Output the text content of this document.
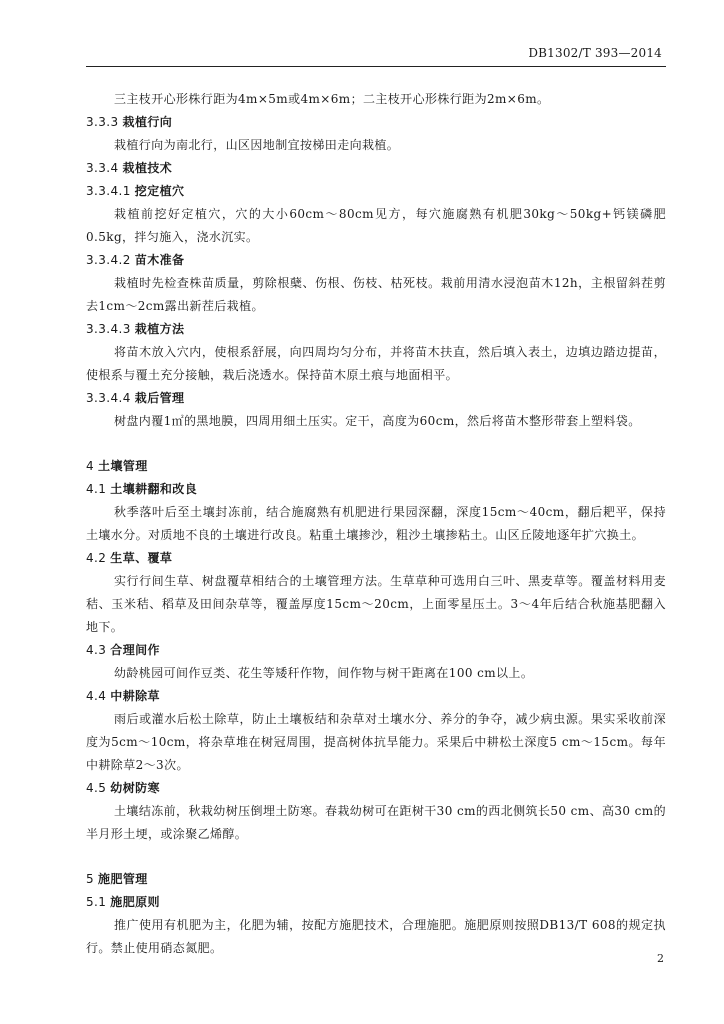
DB1302/T 393—2014
三主枝开心形株行距为4m×5m或4m×6m；二主枝开心形株行距为2m×6m。
3.3.3 栽植行向
栽植行向为南北行，山区因地制宜按梯田走向栽植。
3.3.4 栽植技术
3.3.4.1 挖定植穴
栽植前挖好定植穴，穴的大小60cm～80cm见方，每穴施腐熟有机肥30kg～50kg+钙镁磷肥0.5kg，拌匀施入，浇水沉实。
3.3.4.2 苗木准备
栽植时先检查株苗质量，剪除根蘖、伤根、伤枝、枯死枝。栽前用清水浸泡苗木12h，主根留斜茬剪去1cm～2cm露出新茬后栽植。
3.3.4.3 栽植方法
将苗木放入穴内，使根系舒展，向四周均匀分布，并将苗木扶直，然后填入表土，边填边踏边提苗，使根系与覆土充分接触，栽后浇透水。保持苗木原土痕与地面相平。
3.3.4.4 栽后管理
树盘内覆1㎡的黑地膜，四周用细土压实。定干，高度为60cm，然后将苗木整形带套上塑料袋。
4 土壤管理
4.1 土壤耕翻和改良
秋季落叶后至土壤封冻前，结合施腐熟有机肥进行果园深翻，深度15cm～40cm，翻后耙平，保持土壤水分。对质地不良的土壤进行改良。粘重土壤掺沙，粗沙土壤掺粘土。山区丘陵地逐年扩穴换土。
4.2 生草、覆草
实行行间生草、树盘覆草相结合的土壤管理方法。生草草种可选用白三叶、黑麦草等。覆盖材料用麦秸、玉米秸、稻草及田间杂草等，覆盖厚度15cm～20cm，上面零星压土。3～4年后结合秋施基肥翻入地下。
4.3 合理间作
幼龄桃园可间作豆类、花生等矮秆作物，间作物与树干距离在100 cm以上。
4.4 中耕除草
雨后或灌水后松土除草，防止土壤板结和杂草对土壤水分、养分的争夺，减少病虫源。果实采收前深度为5cm～10cm，将杂草堆在树冠周围，提高树体抗旱能力。采果后中耕松土深度5 cm～15cm。每年中耕除草2～3次。
4.5 幼树防寒
土壤结冻前，秋栽幼树压倒埋土防寒。春栽幼树可在距树干30 cm的西北侧筑长50 cm、高30 cm的半月形土埂，或涂聚乙烯醇。
5 施肥管理
5.1 施肥原则
推广使用有机肥为主，化肥为辅，按配方施肥技术，合理施肥。施肥原则按照DB13/T 608的规定执行。禁止使用硝态氮肥。
2
